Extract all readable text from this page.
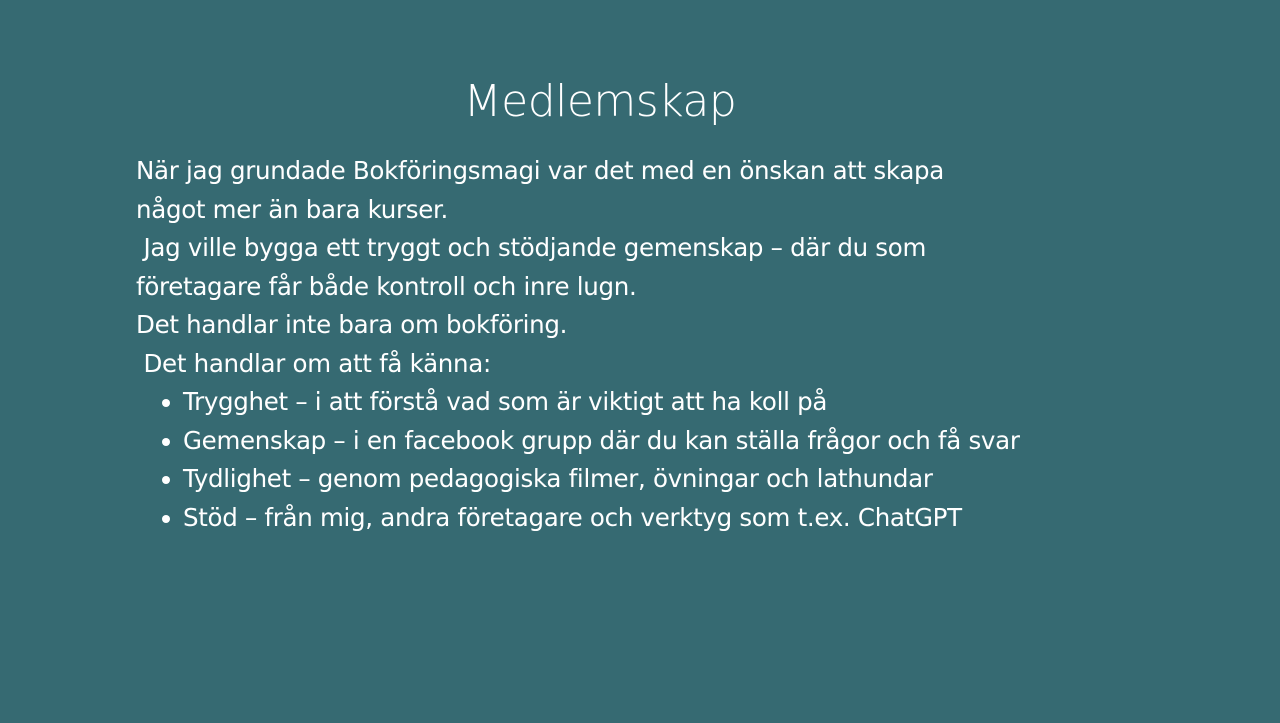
Medlemskap

När jag grundade Bokföringsmagi var det med en önskan att skapa

något mer än bara kurser.

Jag ville bygga ett tryggt och stödjande gemenskap – där du som

företagare får både kontroll och inre lugn.

Det handlar inte bara om bokföring.

Det handlar om att få känna:

Trygghet – i att förstå vad som är viktigt att ha koll på
Gemenskap – i en facebook grupp där du kan ställa frågor och få svar
Tydlighet – genom pedagogiska filmer, övningar och lathundar
Stöd – från mig, andra företagare och verktyg som t.ex. ChatGPT
